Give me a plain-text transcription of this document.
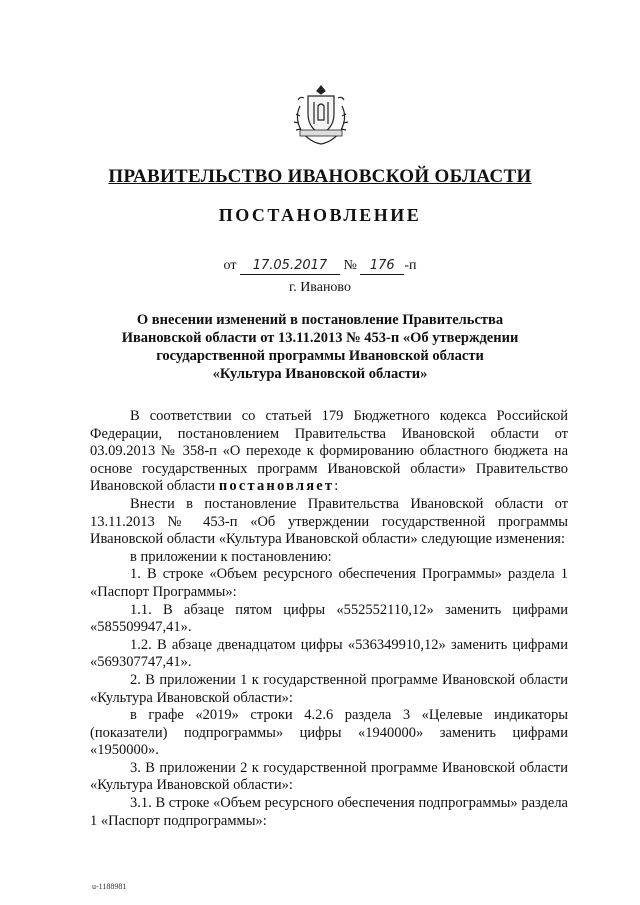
ПРАВИТЕЛЬСТВО ИВАНОВСКОЙ ОБЛАСТИ
ПОСТАНОВЛЕНИЕ
от 17.05.2017 № 176 -п
г. Иваново
О внесении изменений в постановление Правительства
Ивановской области от 13.11.2013 № 453-п «Об утверждении
государственной программы Ивановской области
«Культура Ивановской области»

В соответствии со статьей 179 Бюджетного кодекса Российской Федерации, постановлением Правительства Ивановской области от 03.09.2013 № 358-п «О переходе к формированию областного бюджета на основе государственных программ Ивановской области» Правительство Ивановской области постановляет:

Внести в постановление Правительства Ивановской области от 13.11.2013 № 453-п «Об утверждении государственной программы Ивановской области «Культура Ивановской области» следующие изменения:

в приложении к постановлению:

1. В строке «Объем ресурсного обеспечения Программы» раздела 1 «Паспорт Программы»:

1.1. В абзаце пятом цифры «552552110,12» заменить цифрами «585509947,41».

1.2. В абзаце двенадцатом цифры «536349910,12» заменить цифрами «569307747,41».

2. В приложении 1 к государственной программе Ивановской области «Культура Ивановской области»:

в графе «2019» строки 4.2.6 раздела 3 «Целевые индикаторы (показатели) подпрограммы» цифры «1940000» заменить цифрами «1950000».

3. В приложении 2 к государственной программе Ивановской области «Культура Ивановской области»:

3.1. В строке «Объем ресурсного обеспечения подпрограммы» раздела 1 «Паспорт подпрограммы»:

u-1188981
